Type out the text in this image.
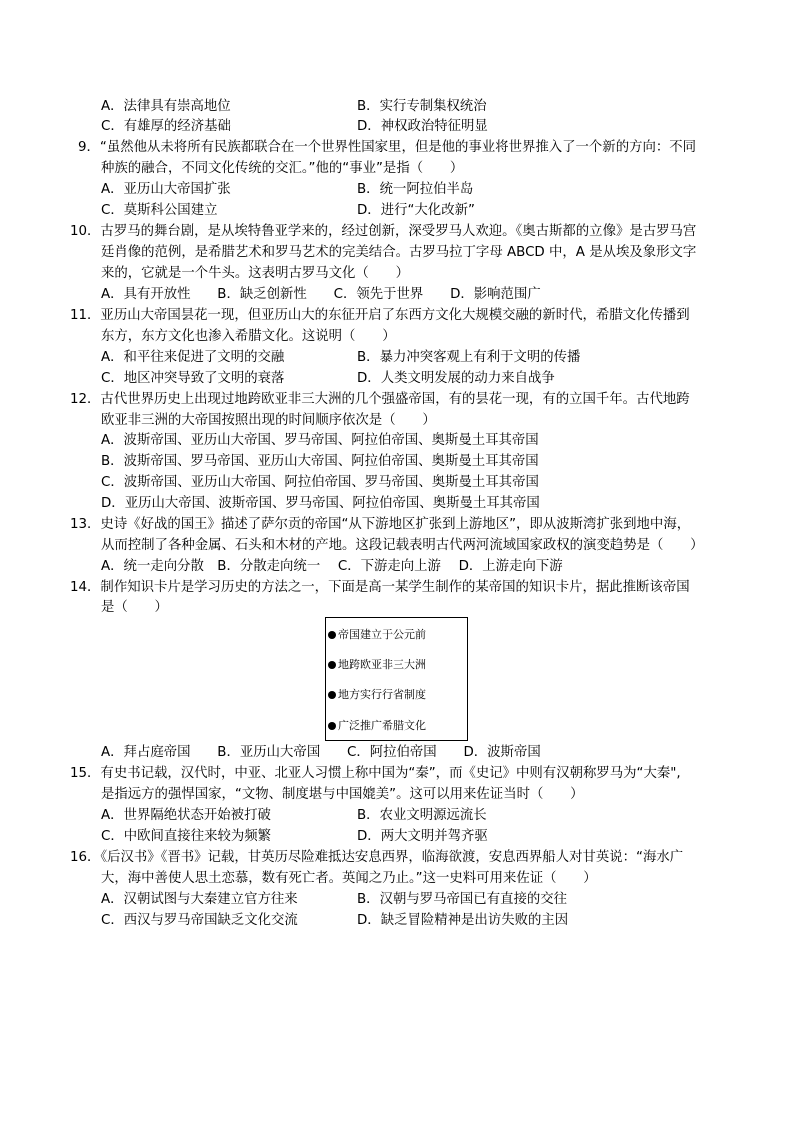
A．法律具有崇高地位	B．实行专制集权统治
C．有雄厚的经济基础	D．神权政治特征明显
9．“虽然他从未将所有民族都联合在一个世界性国家里，但是他的事业将世界推入了一个新的方向：不同
种族的融合，不同文化传统的交汇。”他的“事业”是指（　　）
A．亚历山大帝国扩张	B．统一阿拉伯半岛
C．莫斯科公国建立	D．进行“大化改新”
10．古罗马的舞台剧，是从埃特鲁亚学来的，经过创新，深受罗马人欢迎。《奥古斯都的立像》是古罗马宫
廷肖像的范例，是希腊艺术和罗马艺术的完美结合。古罗马拉丁字母 ABCD 中，A 是从埃及象形文字
来的，它就是一个牛头。这表明古罗马文化（　　）
A．具有开放性　　B．缺乏创新性　　C．领先于世界　　D．影响范围广
11．亚历山大帝国昙花一现，但亚历山大的东征开启了东西方文化大规模交融的新时代，希腊文化传播到
东方，东方文化也渗入希腊文化。这说明（　　）
A．和平往来促进了文明的交融	B．暴力冲突客观上有利于文明的传播
C．地区冲突导致了文明的衰落	D．人类文明发展的动力来自战争
12．古代世界历史上出现过地跨欧亚非三大洲的几个强盛帝国，有的昙花一现，有的立国千年。古代地跨
欧亚非三洲的大帝国按照出现的时间顺序依次是（　　）
A．波斯帝国、亚历山大帝国、罗马帝国、阿拉伯帝国、奥斯曼土耳其帝国
B．波斯帝国、罗马帝国、亚历山大帝国、阿拉伯帝国、奥斯曼土耳其帝国
C．波斯帝国、亚历山大帝国、阿拉伯帝国、罗马帝国、奥斯曼土耳其帝国
D．亚历山大帝国、波斯帝国、罗马帝国、阿拉伯帝国、奥斯曼土耳其帝国
13．史诗《好战的国王》描述了萨尔贡的帝国“从下游地区扩张到上游地区”，即从波斯湾扩张到地中海，
从而控制了各种金属、石头和木材的产地。这段记载表明古代两河流域国家政权的演变趋势是（　　）
A．统一走向分散　B．分散走向统一　 C．下游走向上游　 D．上游走向下游
14．制作知识卡片是学习历史的方法之一，下面是高一某学生制作的某帝国的知识卡片，据此推断该帝国
是（　　）
帝国建立于公元前
地跨欧亚非三大洲
地方实行行省制度
广泛推广希腊文化
A．拜占庭帝国　　B．亚历山大帝国　　C．阿拉伯帝国　　D．波斯帝国
15．有史书记载，汉代时，中亚、北亚人习惯上称中国为“秦”，而《史记》中则有汉朝称罗马为“大秦",
是指远方的强悍国家，“文物、制度堪与中国媲美”。这可以用来佐证当时（　　）
A．世界隔绝状态开始被打破	B．农业文明源远流长
C．中欧间直接往来较为频繁	D．两大文明并驾齐驱
16．《后汉书》《晋书》记载，甘英历尽险难抵达安息西界，临海欲渡，安息西界船人对甘英说：“海水广
大，海中善使人思土恋慕，数有死亡者。英闻之乃止。”这一史料可用来佐证（　　）
A．汉朝试图与大秦建立官方往来	B．汉朝与罗马帝国已有直接的交往
C．西汉与罗马帝国缺乏文化交流	D．缺乏冒险精神是出访失败的主因
